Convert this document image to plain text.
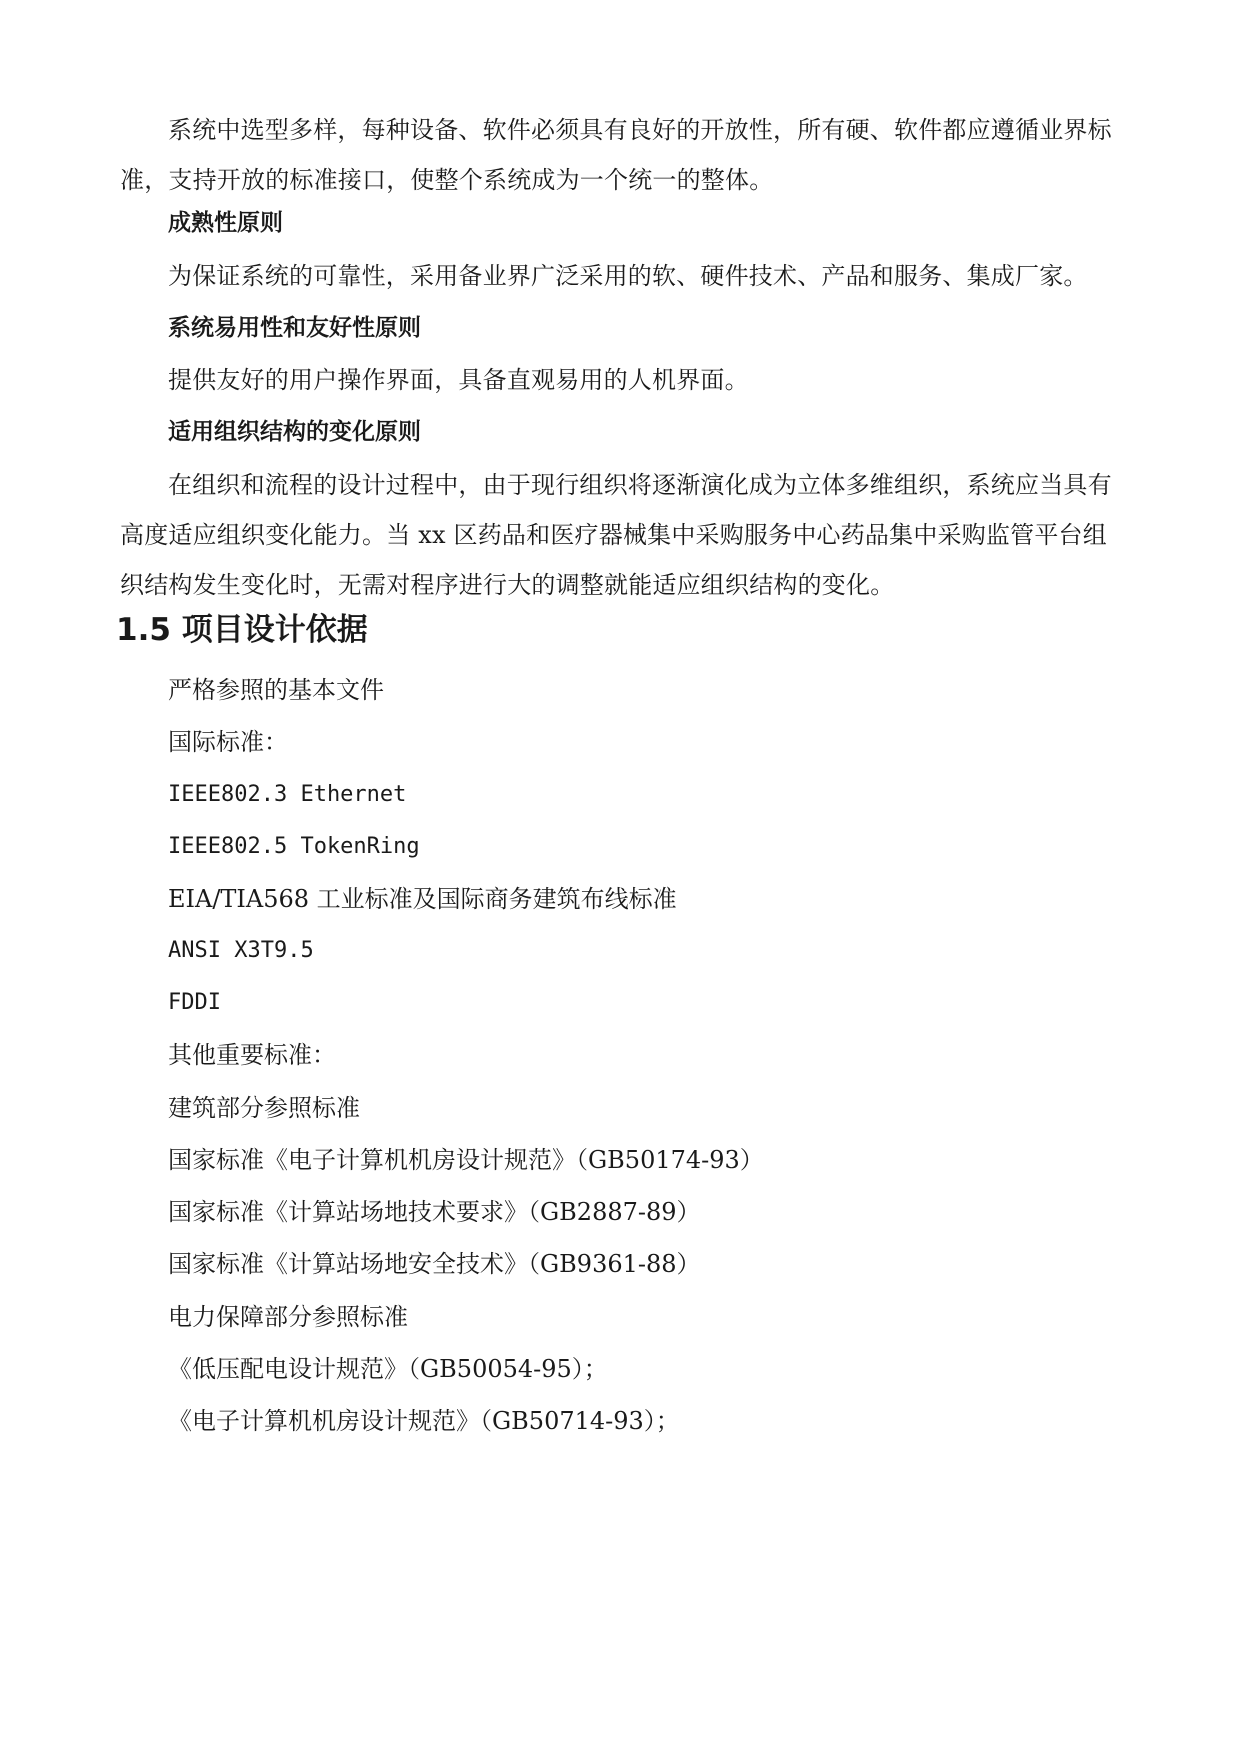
系统中选型多样，每种设备、软件必须具有良好的开放性，所有硬、软件都应遵循业界标准，支持开放的标准接口，使整个系统成为一个统一的整体。
成熟性原则
为保证系统的可靠性，采用备业界广泛采用的软、硬件技术、产品和服务、集成厂家。
系统易用性和友好性原则
提供友好的用户操作界面，具备直观易用的人机界面。
适用组织结构的变化原则
在组织和流程的设计过程中，由于现行组织将逐渐演化成为立体多维组织，系统应当具有高度适应组织变化能力。当 xx 区药品和医疗器械集中采购服务中心药品集中采购监管平台组织结构发生变化时，无需对程序进行大的调整就能适应组织结构的变化。
1.5 项目设计依据
严格参照的基本文件
国际标准：
IEEE802.3 Ethernet
IEEE802.5 TokenRing
EIA/TIA568 工业标准及国际商务建筑布线标准
ANSI X3T9.5
FDDI
其他重要标准：
建筑部分参照标准
国家标准《电子计算机机房设计规范》（GB50174-93）
国家标准《计算站场地技术要求》（GB2887-89）
国家标准《计算站场地安全技术》（GB9361-88）
电力保障部分参照标准
《低压配电设计规范》（GB50054-95）；
《电子计算机机房设计规范》（GB50714-93）；
